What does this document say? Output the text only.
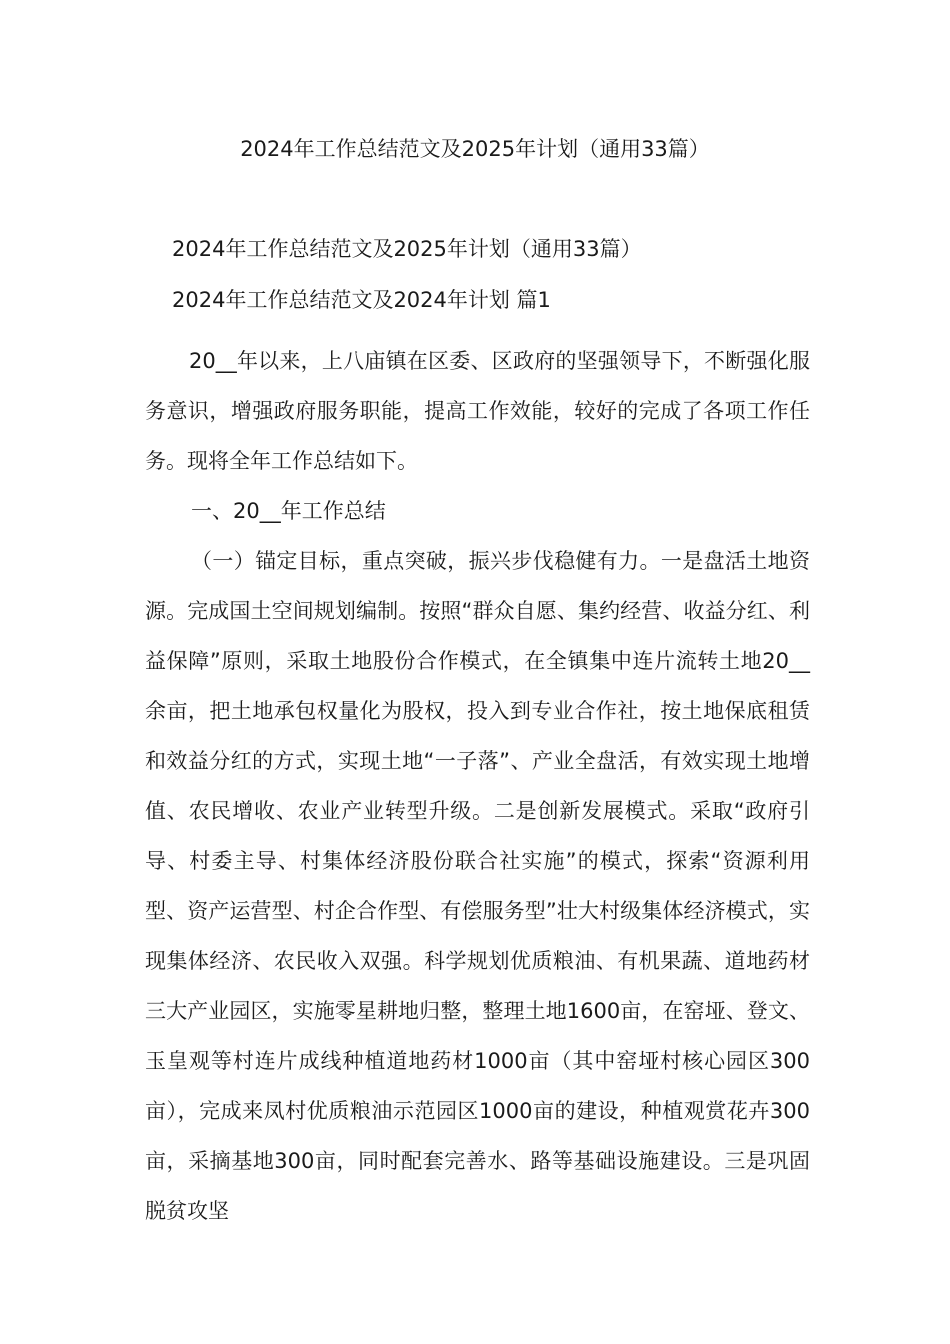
2024年工作总结范文及2025年计划（通用33篇）

2024年工作总结范文及2025年计划（通用33篇）

2024年工作总结范文及2024年计划 篇1

20__年以来，上八庙镇在区委、区政府的坚强领导下，不断强化服务意识，增强政府服务职能，提高工作效能，较好的完成了各项工作任务。现将全年工作总结如下。

一、20__年工作总结

（一）锚定目标，重点突破，振兴步伐稳健有力。一是盘活土地资源。完成国土空间规划编制。按照“群众自愿、集约经营、收益分红、利益保障”原则，采取土地股份合作模式，在全镇集中连片流转土地20__余亩，把土地承包权量化为股权，投入到专业合作社，按土地保底租赁和效益分红的方式，实现土地“一子落”、产业全盘活，有效实现土地增值、农民增收、农业产业转型升级。二是创新发展模式。采取“政府引导、村委主导、村集体经济股份联合社实施”的模式，探索“资源利用型、资产运营型、村企合作型、有偿服务型”壮大村级集体经济模式，实现集体经济、农民收入双强。科学规划优质粮油、有机果蔬、道地药材三大产业园区，实施零星耕地归整，整理土地1600亩，在窑垭、登文、玉皇观等村连片成线种植道地药材1000亩（其中窑垭村核心园区300亩），完成来凤村优质粮油示范园区1000亩的建设，种植观赏花卉300亩，采摘基地300亩，同时配套完善水、路等基础设施建设。三是巩固脱贫攻坚
